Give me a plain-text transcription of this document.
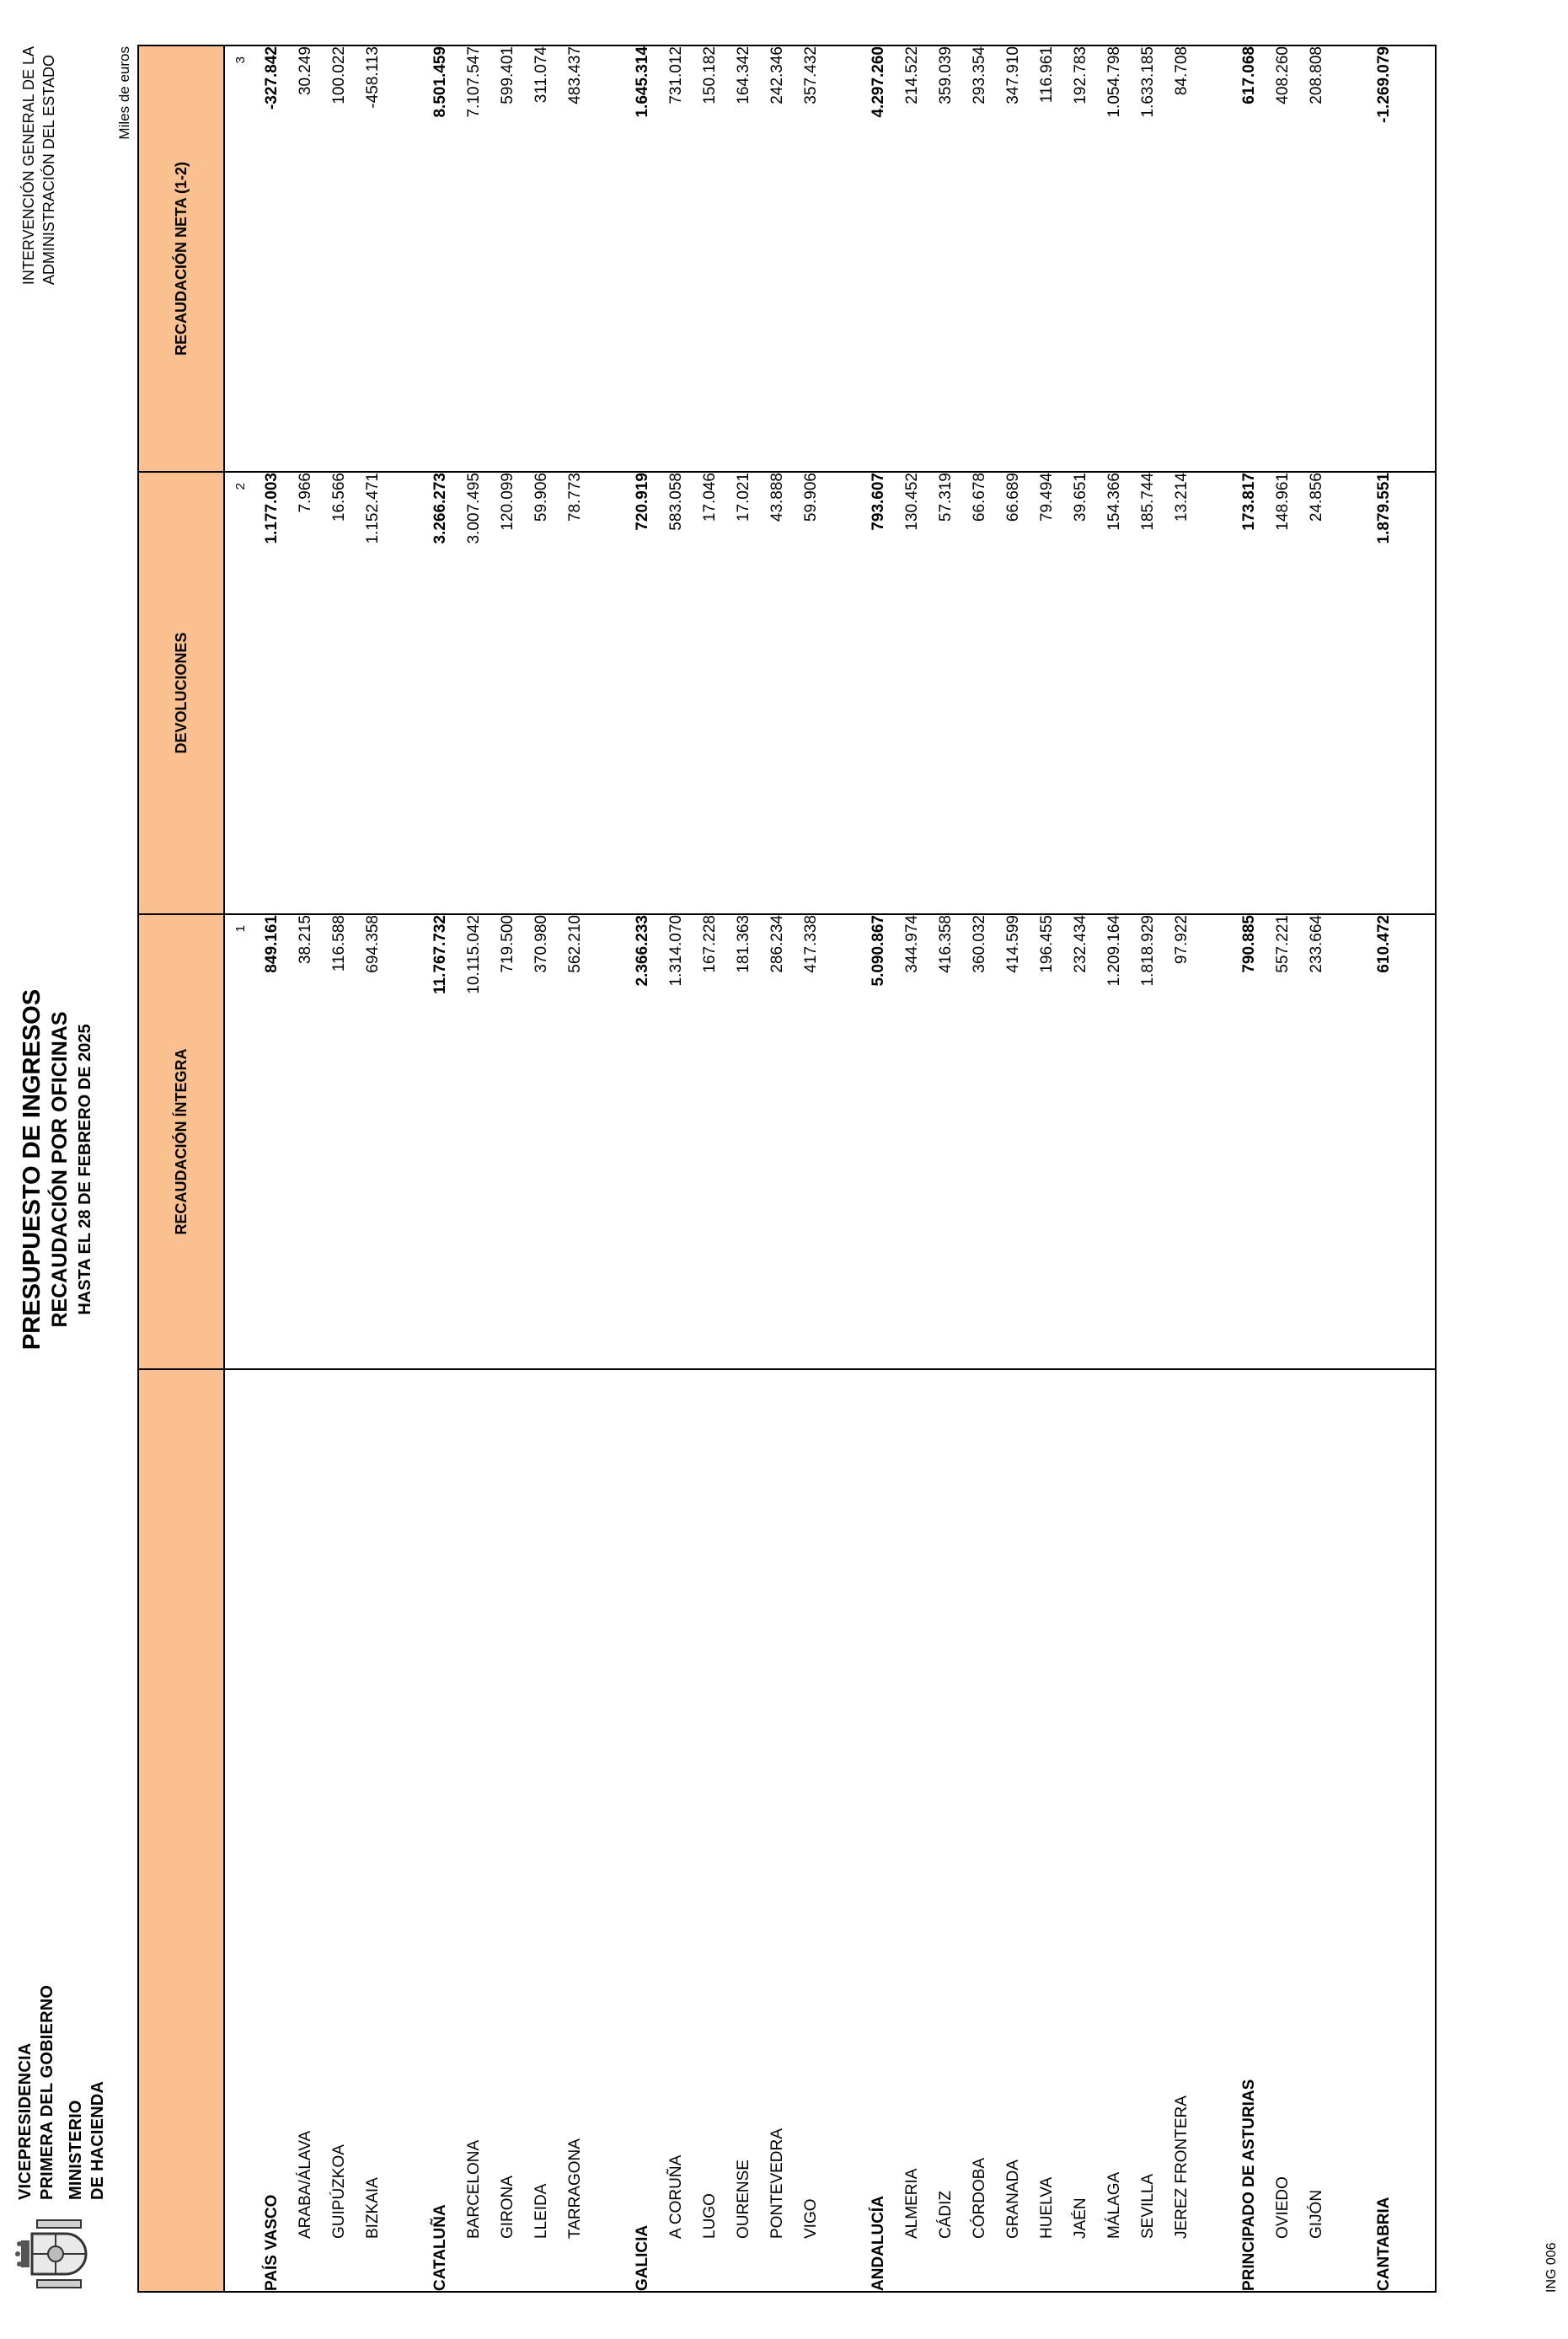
VICEPRESIDENCIA PRIMERA DEL GOBIERNO MINISTERIO DE HACIENDA
PRESUPUESTO DE INGRESOS RECAUDACIÓN POR OFICINAS HASTA EL 28 DE FEBRERO DE 2025
INTERVENCIÓN GENERAL DE LA ADMINISTRACIÓN DEL ESTADO	Miles de euros
	RECAUDACIÓN ÍNTEGRA	DEVOLUCIONES	RECAUDACIÓN NETA (1-2)
	1	2	3
PAÍS VASCO	849.161	1.177.003	-327.842
ARABA/ÁLAVA	38.215	7.966	30.249
GUIPÚZKOA	116.588	16.566	100.022
BIZKAIA	694.358	1.152.471	-458.113

CATALUÑA	11.767.732	3.266.273	8.501.459
BARCELONA	10.115.042	3.007.495	7.107.547
GIRONA	719.500	120.099	599.401
LLEIDA	370.980	59.906	311.074
TARRAGONA	562.210	78.773	483.437

GALICIA	2.366.233	720.919	1.645.314
A CORUÑA	1.314.070	583.058	731.012
LUGO	167.228	17.046	150.182
OURENSE	181.363	17.021	164.342
PONTEVEDRA	286.234	43.888	242.346
VIGO	417.338	59.906	357.432

ANDALUCÍA	5.090.867	793.607	4.297.260
ALMERIA	344.974	130.452	214.522
CÁDIZ	416.358	57.319	359.039
CÓRDOBA	360.032	66.678	293.354
GRANADA	414.599	66.689	347.910
HUELVA	196.455	79.494	116.961
JAÉN	232.434	39.651	192.783
MÁLAGA	1.209.164	154.366	1.054.798
SEVILLA	1.818.929	185.744	1.633.185
JEREZ FRONTERA	97.922	13.214	84.708

PRINCIPADO DE ASTURIAS	790.885	173.817	617.068
OVIEDO	557.221	148.961	408.260
GIJÓN	233.664	24.856	208.808

CANTABRIA	610.472	1.879.551	-1.269.079

ING 006
